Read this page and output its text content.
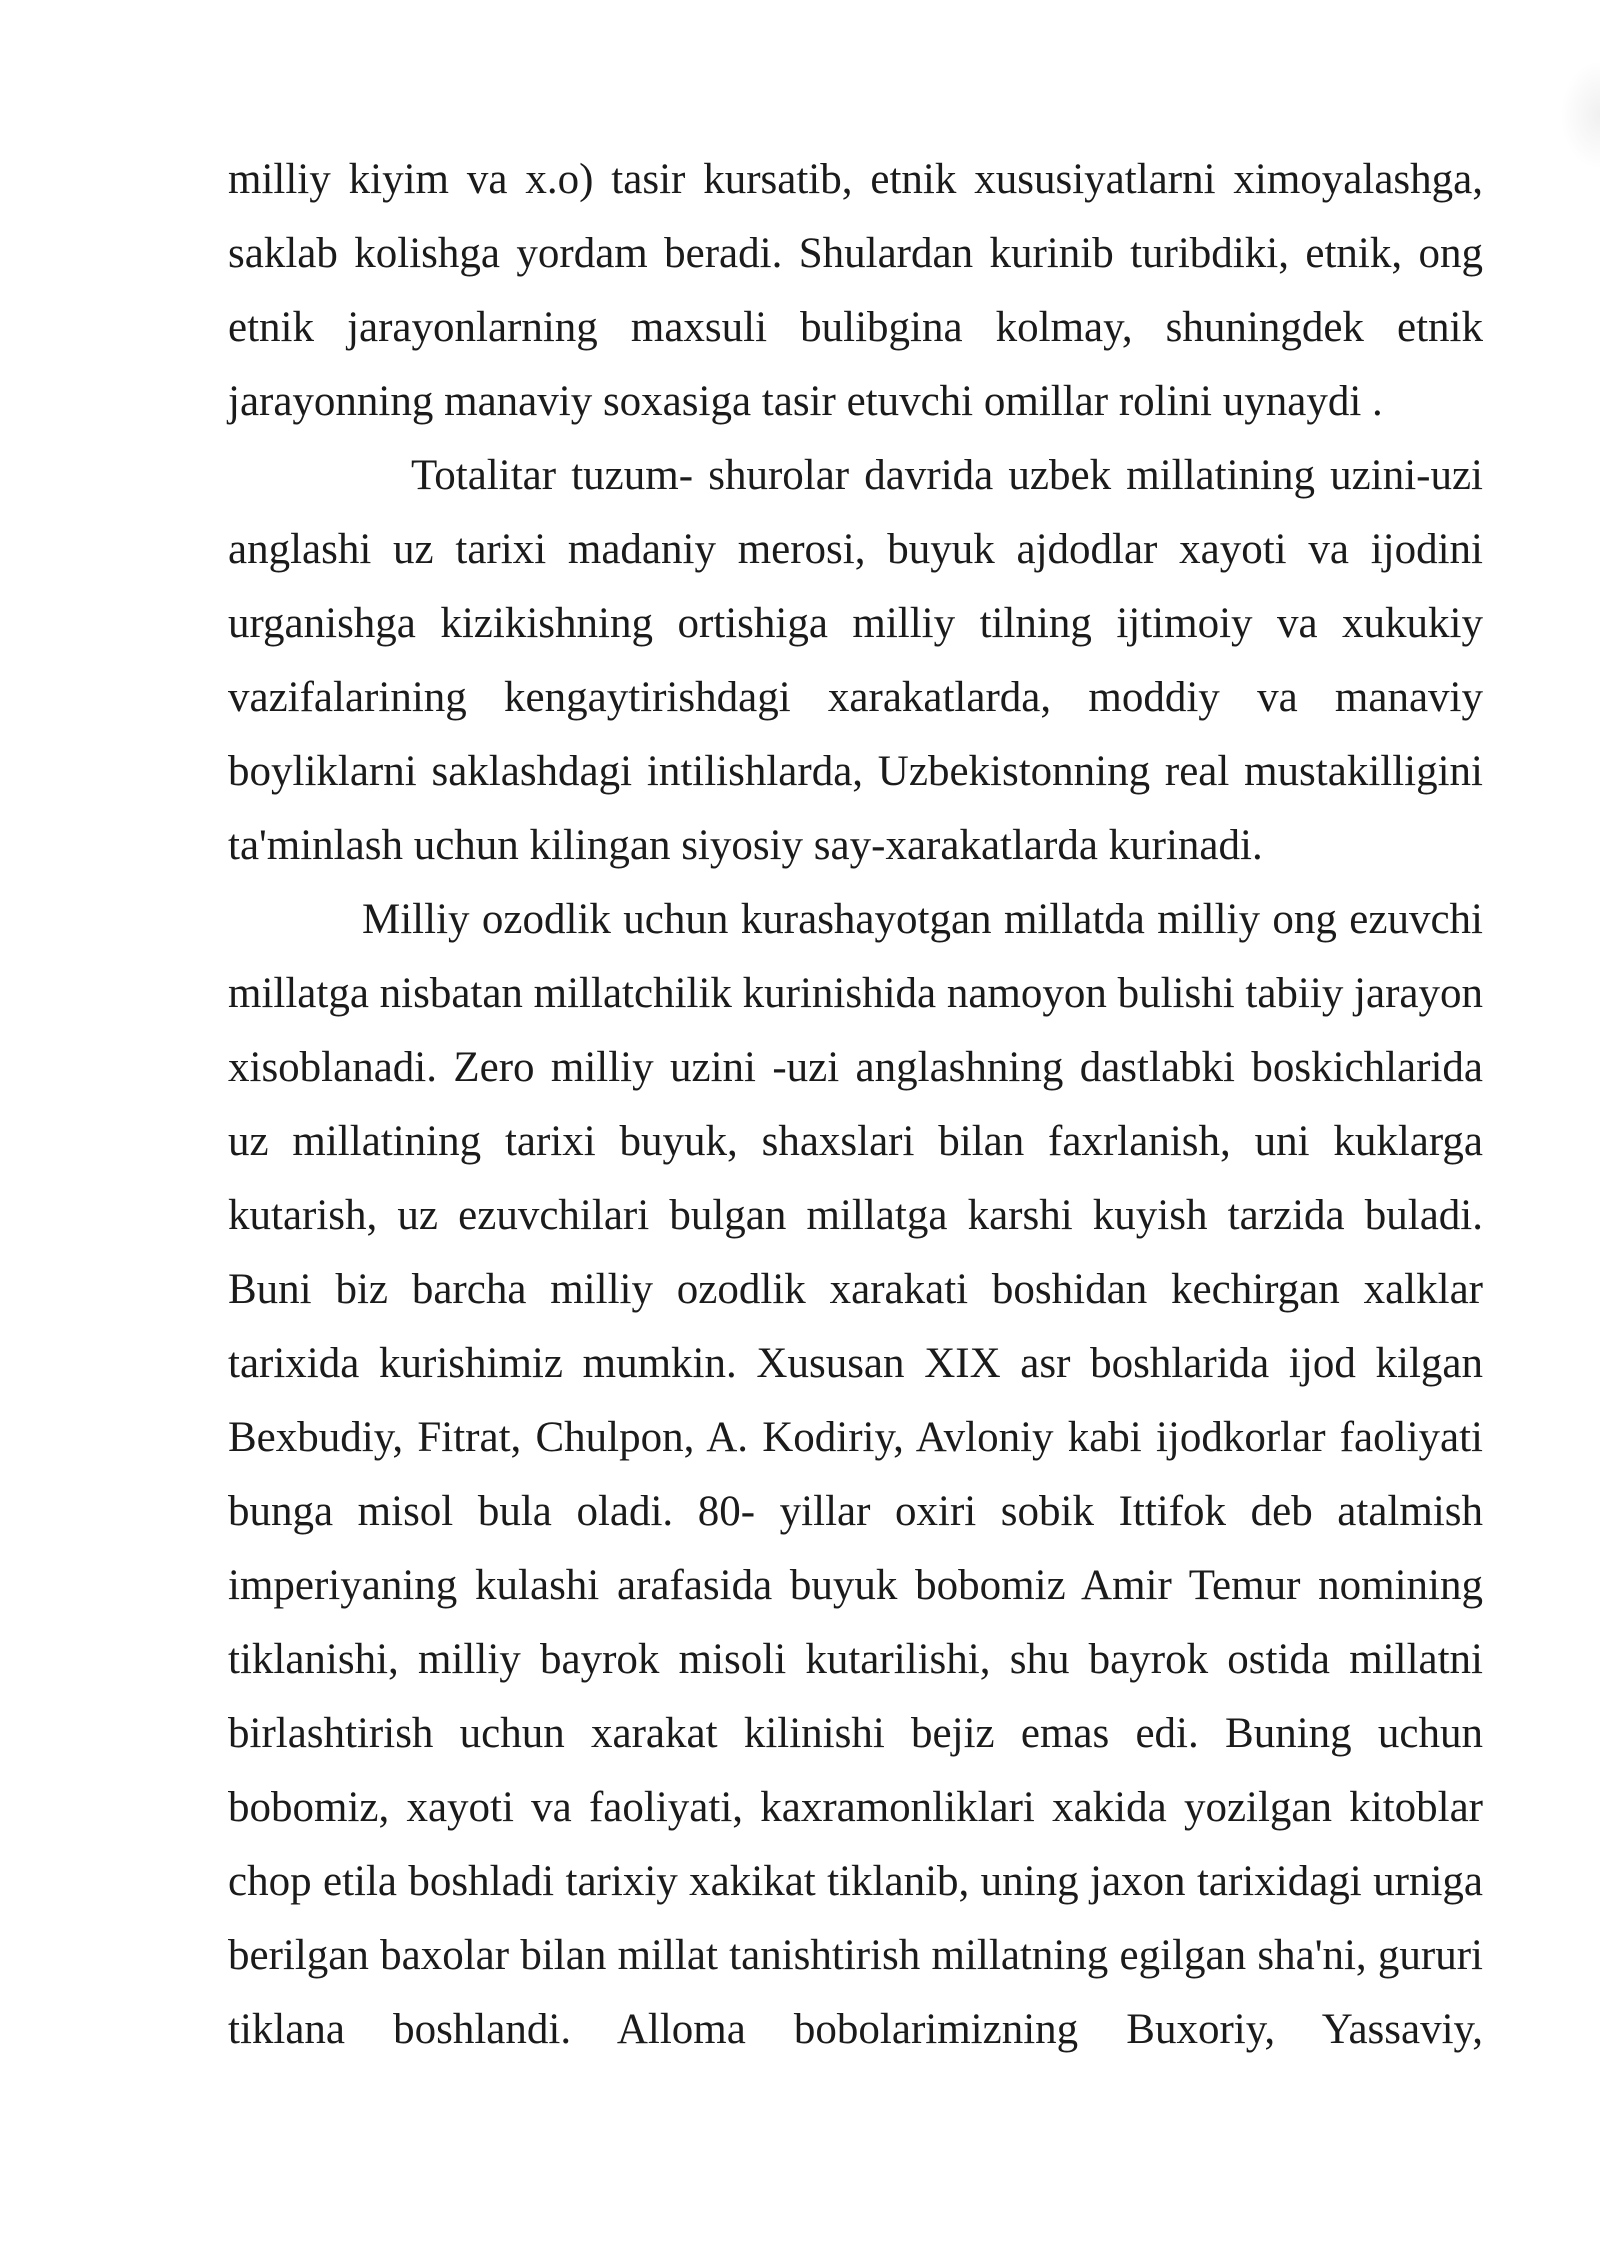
milliy kiyim va x.o) tasir kursatib, etnik xususiyatlarni ximoyalashga,
saklab kolishga yordam beradi. Shulardan kurinib turibdiki, etnik, ong
etnik jarayonlarning maxsuli bulibgina kolmay, shuningdek etnik
jarayonning manaviy soxasiga tasir etuvchi omillar rolini uynaydi .
Totalitar tuzum- shurolar davrida uzbek millatining uzini-uzi
anglashi uz tarixi madaniy merosi, buyuk ajdodlar xayoti va ijodini
urganishga kizikishning ortishiga milliy tilning ijtimoiy va xukukiy
vazifalarining kengaytirishdagi xarakatlarda, moddiy va manaviy
boyliklarni saklashdagi intilishlarda, Uzbekistonning real mustakilligini
ta'minlash uchun kilingan siyosiy say-xarakatlarda kurinadi.
Milliy ozodlik uchun kurashayotgan millatda milliy ong ezuvchi
millatga nisbatan millatchilik kurinishida namoyon bulishi tabiiy jarayon
xisoblanadi. Zero milliy uzini -uzi anglashning dastlabki boskichlarida
uz millatining tarixi buyuk, shaxslari bilan faxrlanish, uni kuklarga
kutarish, uz ezuvchilari bulgan millatga karshi kuyish tarzida buladi.
Buni biz barcha milliy ozodlik xarakati boshidan kechirgan xalklar
tarixida kurishimiz mumkin. Xususan XIX asr boshlarida ijod kilgan
Bexbudiy, Fitrat, Chulpon, A. Kodiriy, Avloniy kabi ijodkorlar faoliyati
bunga misol bula oladi. 80- yillar oxiri sobik Ittifok deb atalmish
imperiyaning kulashi arafasida buyuk bobomiz Amir Temur nomining
tiklanishi, milliy bayrok misoli kutarilishi, shu bayrok ostida millatni
birlashtirish uchun xarakat kilinishi bejiz emas edi. Buning uchun
bobomiz, xayoti va faoliyati, kaxramonliklari xakida yozilgan kitoblar
chop etila boshladi tarixiy xakikat tiklanib, uning jaxon tarixidagi urniga
berilgan baxolar bilan millat tanishtirish millatning egilgan sha'ni, gururi
tiklana boshlandi. Alloma bobolarimizning Buxoriy, Yassaviy,
